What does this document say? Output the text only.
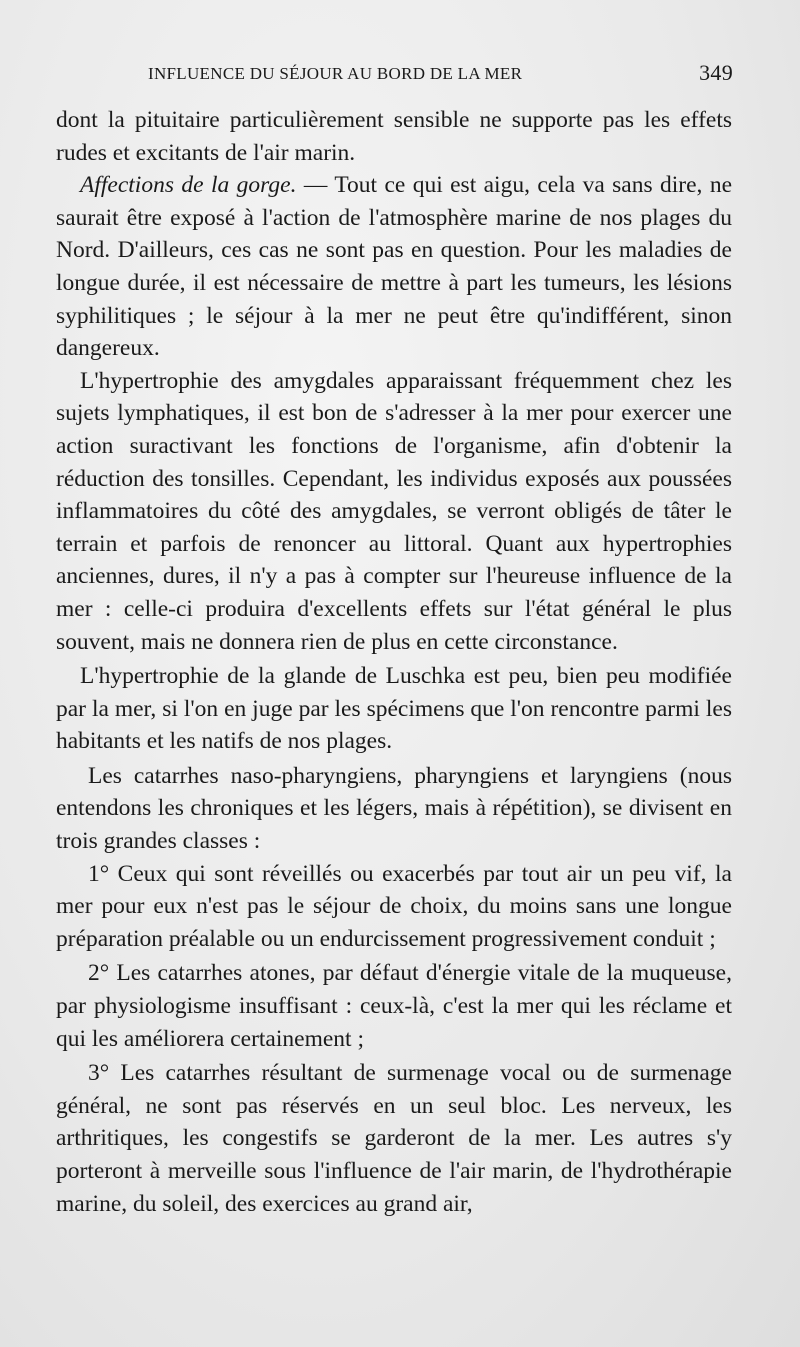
INFLUENCE DU SÉJOUR AU BORD DE LA MER	349

dont la pituitaire particulièrement sensible ne supporte pas les effets rudes et excitants de l'air marin.

Affections de la gorge. — Tout ce qui est aigu, cela va sans dire, ne saurait être exposé à l'action de l'atmosphère marine de nos plages du Nord. D'ailleurs, ces cas ne sont pas en question. Pour les maladies de longue durée, il est nécessaire de mettre à part les tumeurs, les lésions syphilitiques ; le séjour à la mer ne peut être qu'indifférent, sinon dangereux.

L'hypertrophie des amygdales apparaissant fréquemment chez les sujets lymphatiques, il est bon de s'adresser à la mer pour exercer une action suractivant les fonctions de l'organisme, afin d'obtenir la réduction des tonsilles. Cependant, les individus exposés aux poussées inflammatoires du côté des amygdales, se verront obligés de tâter le terrain et parfois de renoncer au littoral. Quant aux hypertrophies anciennes, dures, il n'y a pas à compter sur l'heureuse influence de la mer : celle-ci produira d'excellents effets sur l'état général le plus souvent, mais ne donnera rien de plus en cette circonstance.

L'hypertrophie de la glande de Luschka est peu, bien peu modifiée par la mer, si l'on en juge par les spécimens que l'on rencontre parmi les habitants et les natifs de nos plages.

Les catarrhes naso-pharyngiens, pharyngiens et laryngiens (nous entendons les chroniques et les légers, mais à répétition), se divisent en trois grandes classes :

1° Ceux qui sont réveillés ou exacerbés par tout air un peu vif, la mer pour eux n'est pas le séjour de choix, du moins sans une longue préparation préalable ou un endurcissement progressivement conduit ;

2° Les catarrhes atones, par défaut d'énergie vitale de la muqueuse, par physiologisme insuffisant : ceux-là, c'est la mer qui les réclame et qui les améliorera certainement ;

3° Les catarrhes résultant de surmenage vocal ou de surmenage général, ne sont pas réservés en un seul bloc. Les nerveux, les arthritiques, les congestifs se garderont de la mer. Les autres s'y porteront à merveille sous l'influence de l'air marin, de l'hydrothérapie marine, du soleil, des exercices au grand air,
